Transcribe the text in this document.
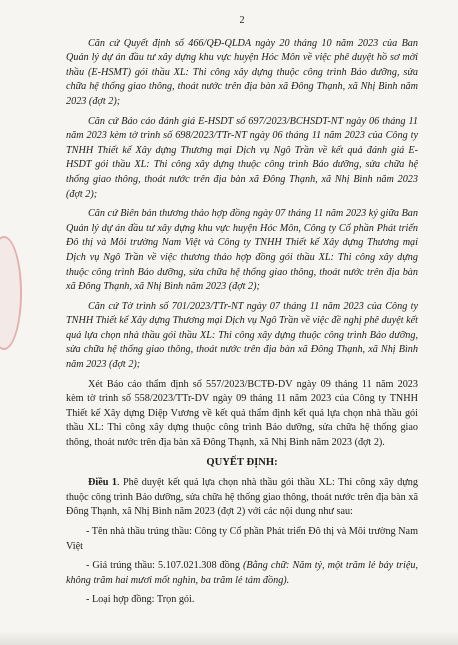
2

Căn cứ Quyết định số 466/QĐ-QLDA ngày 20 tháng 10 năm 2023 của Ban Quản lý dự án đầu tư xây dựng khu vực huyện Hóc Môn về việc phê duyệt hồ sơ mời thầu (E-HSMT) gói thầu XL: Thi công xây dựng thuộc công trình Bảo dưỡng, sửa chữa hệ thống giao thông, thoát nước trên địa bàn xã Đông Thạnh, xã Nhị Bình năm 2023 (đợt 2);

Căn cứ Báo cáo đánh giá E-HSDT số 697/2023/BCHSDT-NT ngày 06 tháng 11 năm 2023 kèm tờ trình số 698/2023/TTr-NT ngày 06 tháng 11 năm 2023 của Công ty TNHH Thiết kế Xây dựng Thương mại Dịch vụ Ngô Trần về kết quả đánh giá E-HSDT gói thầu XL: Thi công xây dựng thuộc công trình Bảo dưỡng, sửa chữa hệ thống giao thông, thoát nước trên địa bàn xã Đông Thạnh, xã Nhị Bình năm 2023 (đợt 2);

Căn cứ Biên bản thương thảo hợp đồng ngày 07 tháng 11 năm 2023 ký giữa Ban Quản lý dự án đầu tư xây dựng khu vực huyện Hóc Môn, Công ty Cổ phần Phát triển Đô thị và Môi trường Nam Việt và Công ty TNHH Thiết kế Xây dựng Thương mại Dịch vụ Ngô Trần về việc thương thảo hợp đồng gói thầu XL: Thi công xây dựng thuộc công trình Bảo dưỡng, sửa chữa hệ thống giao thông, thoát nước trên địa bàn xã Đông Thạnh, xã Nhị Bình năm 2023 (đợt 2);

Căn cứ Tờ trình số 701/2023/TTr-NT ngày 07 tháng 11 năm 2023 của Công ty TNHH Thiết kế Xây dựng Thương mại Dịch vụ Ngô Trần về việc đề nghị phê duyệt kết quả lựa chọn nhà thầu gói thầu XL: Thi công xây dựng thuộc công trình Bảo dưỡng, sửa chữa hệ thống giao thông, thoát nước trên địa bàn xã Đông Thạnh, xã Nhị Bình năm 2023 (đợt 2);

Xét Báo cáo thẩm định số 557/2023/BCTĐ-DV ngày 09 tháng 11 năm 2023 kèm tờ trình số 558/2023/TTr-DV ngày 09 tháng 11 năm 2023 của Công ty TNHH Thiết kế Xây dựng Diệp Vương về kết quả thẩm định kết quả lựa chọn nhà thầu gói thầu XL: Thi công xây dựng thuộc công trình Bảo dưỡng, sửa chữa hệ thống giao thông, thoát nước trên địa bàn xã Đông Thạnh, xã Nhị Bình năm 2023 (đợt 2).

QUYẾT ĐỊNH:

Điều 1. Phê duyệt kết quả lựa chọn nhà thầu gói thầu XL: Thi công xây dựng thuộc công trình Bảo dưỡng, sửa chữa hệ thống giao thông, thoát nước trên địa bàn xã Đông Thạnh, xã Nhị Bình năm 2023 (đợt 2) với các nội dung như sau:

- Tên nhà thầu trúng thầu: Công ty Cổ phần Phát triển Đô thị và Môi trường Nam Việt

- Giá trúng thầu: 5.107.021.308 đồng (Bằng chữ: Năm tỷ, một trăm lẻ bảy triệu, không trăm hai mươi mốt nghìn, ba trăm lẻ tám đồng).

- Loại hợp đồng: Trọn gói.
